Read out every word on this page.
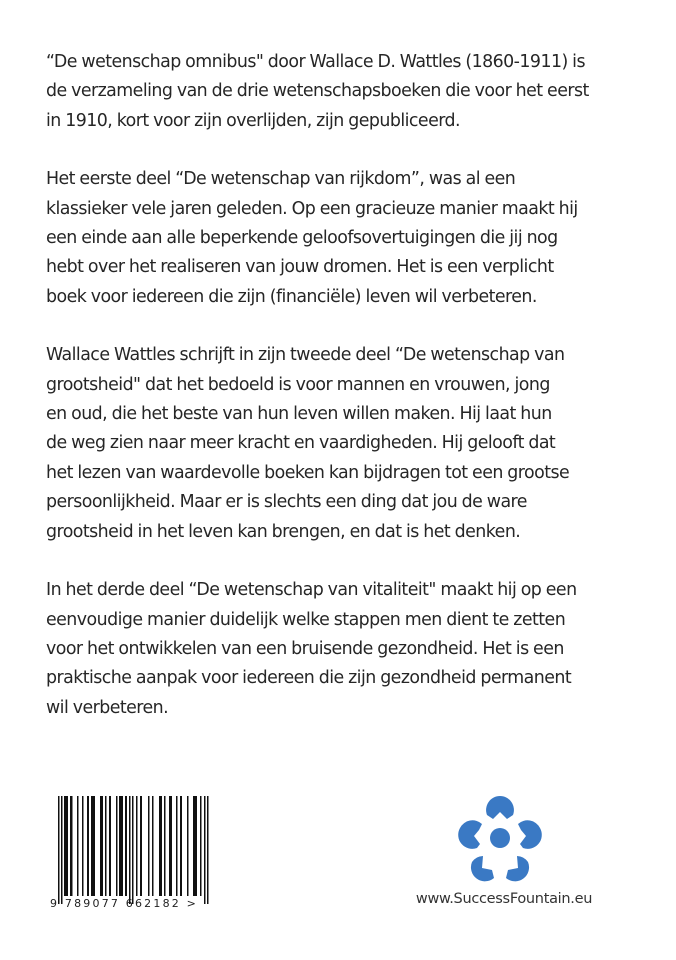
“De wetenschap omnibus" door Wallace D. Wattles (1860-1911) is
de verzameling van de drie wetenschapsboeken die voor het eerst
in 1910, kort voor zijn overlijden, zijn gepubliceerd.

Het eerste deel “De wetenschap van rijkdom”, was al een
klassieker vele jaren geleden. Op een gracieuze manier maakt hij
een einde aan alle beperkende geloofsovertuigingen die jij nog
hebt over het realiseren van jouw dromen. Het is een verplicht
boek voor iedereen die zijn (financiële) leven wil verbeteren.

Wallace Wattles schrijft in zijn tweede deel “De wetenschap van
grootsheid" dat het bedoeld is voor mannen en vrouwen, jong
en oud, die het beste van hun leven willen maken. Hij laat hun
de weg zien naar meer kracht en vaardigheden. Hij gelooft dat
het lezen van waardevolle boeken kan bijdragen tot een grootse
persoonlijkheid. Maar er is slechts een ding dat jou de ware
grootsheid in het leven kan brengen, en dat is het denken.

In het derde deel “De wetenschap van vitaliteit" maakt hij op een
eenvoudige manier duidelijk welke stappen men dient te zetten
voor het ontwikkelen van een bruisende gezondheid. Het is een
praktische aanpak voor iedereen die zijn gezondheid permanent
wil verbeteren.

9 789077 662182 >	www.SuccessFountain.eu
